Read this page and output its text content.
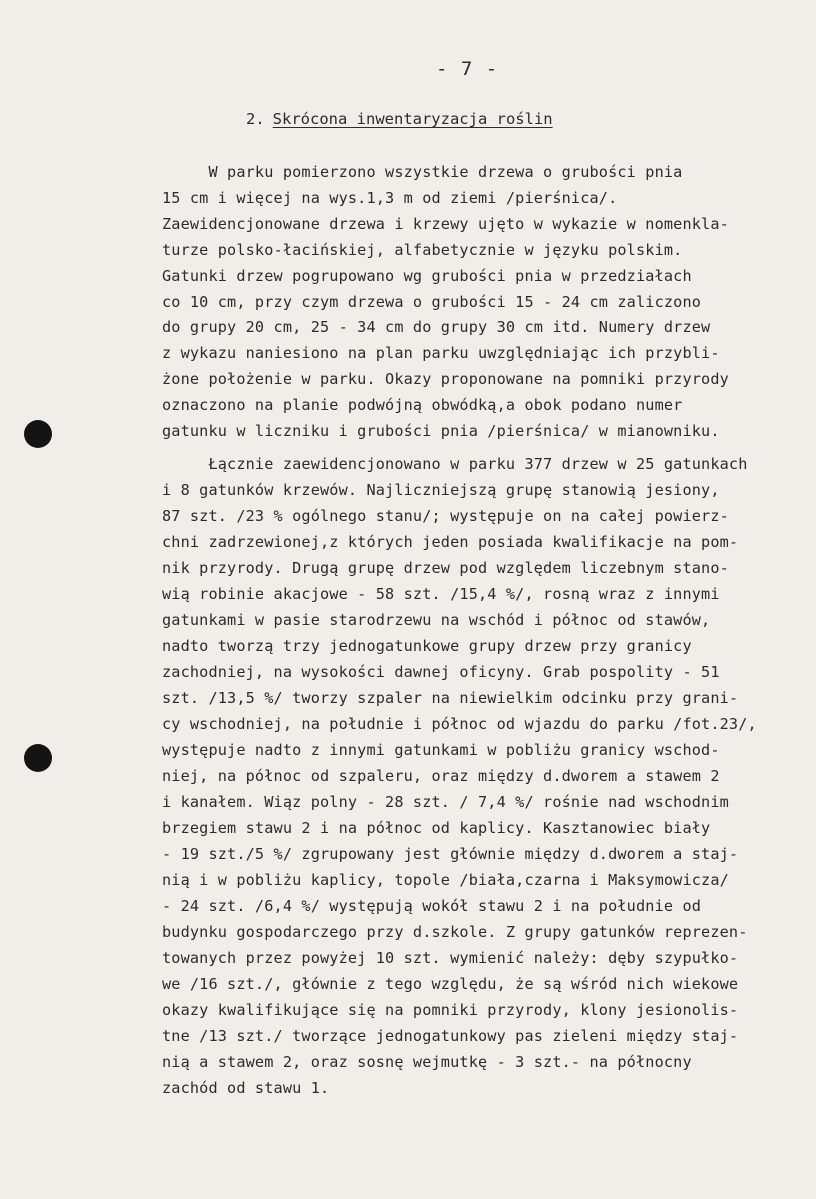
- 7 -
2. Skrócona inwentaryzacja roślin
W parku pomierzono wszystkie drzewa o grubości pnia
15 cm i więcej na wys.1,3 m od ziemi /pierśnica/.
Zaewidencjonowane drzewa i krzewy ujęto w wykazie w nomenkla-
turze polsko-łacińskiej, alfabetycznie w języku polskim.
Gatunki drzew pogrupowano wg grubości pnia w przedziałach
co 10 cm, przy czym drzewa o grubości 15 - 24 cm zaliczono
do grupy 20 cm, 25 - 34 cm do grupy 30 cm itd. Numery drzew
z wykazu naniesiono na plan parku uwzględniając ich przybli-
żone położenie w parku. Okazy proponowane na pomniki przyrody
oznaczono na planie podwójną obwódką,a obok podano numer
gatunku w liczniku i grubości pnia /pierśnica/ w mianowniku.
Łącznie zaewidencjonowano w parku 377 drzew w 25 gatunkach
i 8 gatunków krzewów. Najliczniejszą grupę stanowią jesiony,
87 szt. /23 % ogólnego stanu/; występuje on na całej powierz-
chni zadrzewionej,z których jeden posiada kwalifikacje na pom-
nik przyrody. Drugą grupę drzew pod względem liczebnym stano-
wią robinie akacjowe - 58 szt. /15,4 %/, rosną wraz z innymi
gatunkami w pasie starodrzewu na wschód i północ od stawów,
nadto tworzą trzy jednogatunkowe grupy drzew przy granicy
zachodniej, na wysokości dawnej oficyny. Grab pospolity - 51
szt. /13,5 %/ tworzy szpaler na niewielkim odcinku przy grani-
cy wschodniej, na południe i północ od wjazdu do parku /fot.23/,
występuje nadto z innymi gatunkami w pobliżu granicy wschod-
niej, na północ od szpaleru, oraz między d.dworem a stawem 2
i kanałem. Wiąz polny - 28 szt. / 7,4 %/ rośnie nad wschodnim
brzegiem stawu 2 i na północ od kaplicy. Kasztanowiec biały
- 19 szt./5 %/ zgrupowany jest głównie między d.dworem a staj-
nią i w pobliżu kaplicy, topole /biała,czarna i Maksymowicza/
- 24 szt. /6,4 %/ występują wokół stawu 2 i na południe od
budynku gospodarczego przy d.szkole. Z grupy gatunków reprezen-
towanych przez powyżej 10 szt. wymienić należy: dęby szypułko-
we /16 szt./, głównie z tego względu, że są wśród nich wiekowe
okazy kwalifikujące się na pomniki przyrody, klony jesionolis-
tne /13 szt./ tworzące jednogatunkowy pas zieleni między staj-
nią a stawem 2, oraz sosnę wejmutkę - 3 szt.- na północny
zachód od stawu 1.
